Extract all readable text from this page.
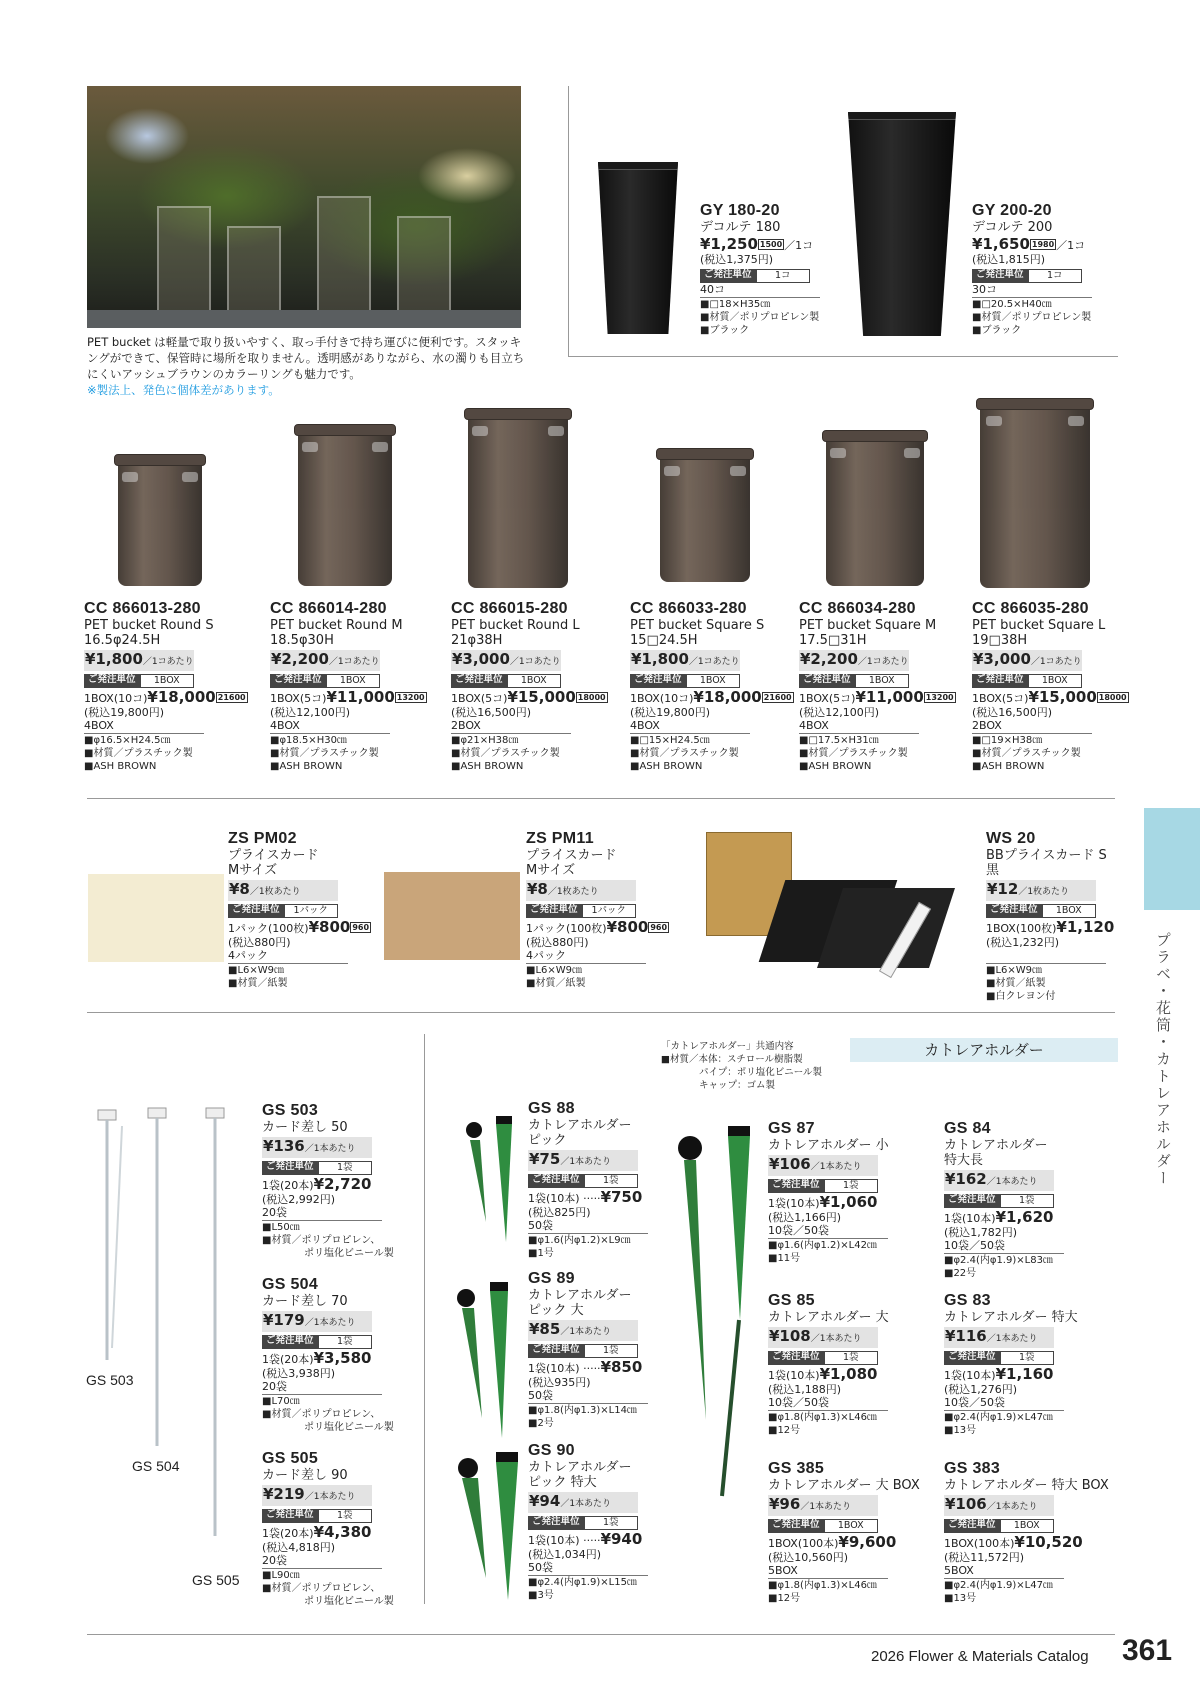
PET bucket は軽量で取り扱いやすく、取っ手付きで持ち運びに便利です。スタッキングができて、保管時に場所を取りません。透明感がありながら、水の濁りも目立ちにくいアッシュブラウンのカラーリングも魅力です。
※製法上、発色に個体差があります。
GY 180-20
デコルテ 180
¥1,250 1500 ／1コ
(税込1,375円)
ご発注単位	1コ
40コ
■□18×H35㎝
■材質／ポリプロピレン製
■ブラック
GY 200-20
デコルテ 200
¥1,650 1980 ／1コ
(税込1,815円)
ご発注単位	1コ
30コ
■□20.5×H40㎝
■材質／ポリプロピレン製
■ブラック
CC 866013-280
PET bucket Round S
16.5φ24.5H
¥1,800／1コあたり
ご発注単位	1BOX
1BOX(10コ)¥18,000 21600
(税込19,800円)
4BOX
■φ16.5×H24.5㎝
■材質／プラスチック製
■ASH BROWN
CC 866014-280
PET bucket Round M
18.5φ30H
¥2,200／1コあたり
ご発注単位	1BOX
1BOX(5コ)¥11,000 13200
(税込12,100円)
4BOX
■φ18.5×H30㎝
■材質／プラスチック製
■ASH BROWN
CC 866015-280
PET bucket Round L
21φ38H
¥3,000／1コあたり
ご発注単位	1BOX
1BOX(5コ)¥15,000 18000
(税込16,500円)
2BOX
■φ21×H38㎝
■材質／プラスチック製
■ASH BROWN
CC 866033-280
PET bucket Square S
15□24.5H
¥1,800／1コあたり
ご発注単位	1BOX
1BOX(10コ)¥18,000 21600
(税込19,800円)
4BOX
■□15×H24.5㎝
■材質／プラスチック製
■ASH BROWN
CC 866034-280
PET bucket Square M
17.5□31H
¥2,200／1コあたり
ご発注単位	1BOX
1BOX(5コ)¥11,000 13200
(税込12,100円)
4BOX
■□17.5×H31㎝
■材質／プラスチック製
■ASH BROWN
CC 866035-280
PET bucket Square L
19□38H
¥3,000／1コあたり
ご発注単位	1BOX
1BOX(5コ)¥15,000 18000
(税込16,500円)
2BOX
■□19×H38㎝
■材質／プラスチック製
■ASH BROWN
ZS PM02
プライスカード
Mサイズ
¥8／1枚あたり
ご発注単位	1パック
1パック(100枚)¥800 960
(税込880円)
4パック
■L6×W9㎝
■材質／紙製
ZS PM11
プライスカード
Mサイズ
¥8／1枚あたり
ご発注単位	1パック
1パック(100枚)¥800 960
(税込880円)
4パック
■L6×W9㎝
■材質／紙製
WS 20
BBプライスカード S
黒
¥12／1枚あたり
ご発注単位	1BOX
1BOX(100枚)¥1,120
(税込1,232円)

■L6×W9㎝
■材質／紙製
■白クレヨン付	プラベ・花筒・カトレアホルダー
「カトレアホルダー」共通内容
■材質／本体：スチロール樹脂製
　　　　パイプ：ポリ塩化ビニール製
　　　　キャップ：ゴム製
カトレアホルダー
GS 503
GS 504
GS 505
GS 503
カード差し 50
¥136／1本あたり
ご発注単位	1袋
1袋(20本)¥2,720
(税込2,992円)
20袋
■L50㎝
■材質／ポリプロピレン、
ポリ塩化ビニール製
GS 504
カード差し 70
¥179／1本あたり
ご発注単位	1袋
1袋(20本)¥3,580
(税込3,938円)
20袋
■L70㎝
■材質／ポリプロピレン、
ポリ塩化ビニール製
GS 505
カード差し 90
¥219／1本あたり
ご発注単位	1袋
1袋(20本)¥4,380
(税込4,818円)
20袋
■L90㎝
■材質／ポリプロピレン、
ポリ塩化ビニール製
GS 88
カトレアホルダー
ピック
¥75／1本あたり
ご発注単位	1袋
1袋(10本) ·····¥750
(税込825円)
50袋
■φ1.6(内φ1.2)×L9㎝
■1号
GS 89
カトレアホルダー
ピック 大
¥85／1本あたり
ご発注単位	1袋
1袋(10本) ·····¥850
(税込935円)
50袋
■φ1.8(内φ1.3)×L14㎝
■2号
GS 90
カトレアホルダー
ピック 特大
¥94／1本あたり
ご発注単位	1袋
1袋(10本) ·····¥940
(税込1,034円)
50袋
■φ2.4(内φ1.9)×L15㎝
■3号
GS 87
カトレアホルダー 小
¥106／1本あたり
ご発注単位	1袋
1袋(10本)¥1,060
(税込1,166円)
10袋／50袋
■φ1.6(内φ1.2)×L42㎝
■11号
GS 85
カトレアホルダー 大
¥108／1本あたり
ご発注単位	1袋
1袋(10本)¥1,080
(税込1,188円)
10袋／50袋
■φ1.8(内φ1.3)×L46㎝
■12号
GS 385
カトレアホルダー 大 BOX
¥96／1本あたり
ご発注単位	1BOX
1BOX(100本)¥9,600
(税込10,560円)
5BOX
■φ1.8(内φ1.3)×L46㎝
■12号
GS 84
カトレアホルダー
特大長
¥162／1本あたり
ご発注単位	1袋
1袋(10本)¥1,620
(税込1,782円)
10袋／50袋
■φ2.4(内φ1.9)×L83㎝
■22号
GS 83
カトレアホルダー 特大
¥116／1本あたり
ご発注単位	1袋
1袋(10本)¥1,160
(税込1,276円)
10袋／50袋
■φ2.4(内φ1.9)×L47㎝
■13号
GS 383
カトレアホルダー 特大 BOX
¥106／1本あたり
ご発注単位	1BOX
1BOX(100本)¥10,520
(税込11,572円)
5BOX
■φ2.4(内φ1.9)×L47㎝
■13号
2026 Flower & Materials Catalog 361
